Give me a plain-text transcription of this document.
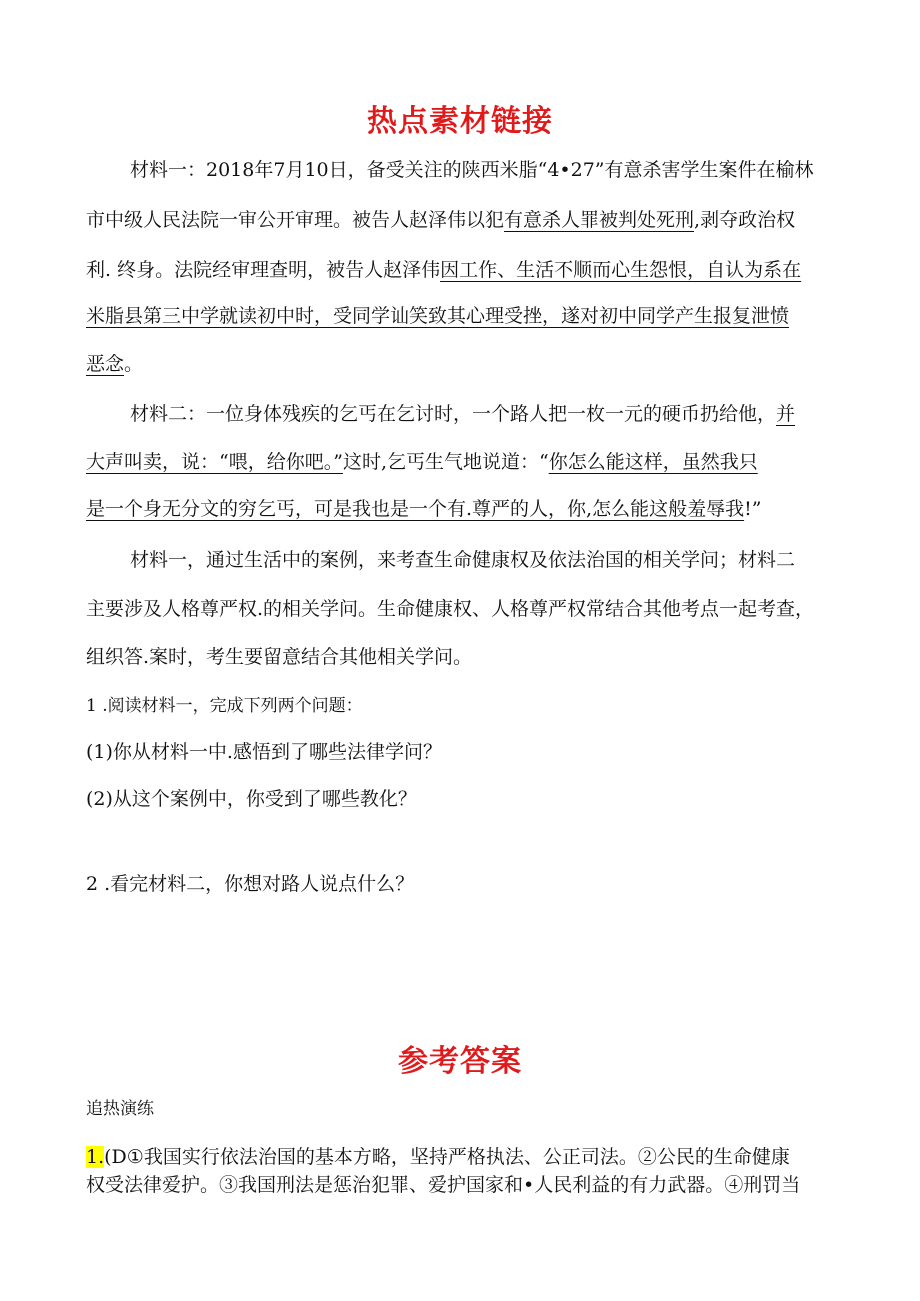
热点素材链接
材料一：2018年7月10日，备受关注的陕西米脂“4•27”有意杀害学生案件在榆林
市中级人民法院一审公开审理。被告人赵泽伟以犯有意杀人罪被判处死刑,剥夺政治权
利. 终身。法院经审理查明，被告人赵泽伟因工作、生活不顺而心生怨恨，自认为系在
米脂县第三中学就读初中时，受同学讪笑致其心理受挫，遂对初中同学产生报复泄愤
恶念。
材料二：一位身体残疾的乞丐在乞讨时，一个路人把一枚一元的硬币扔给他，并
大声叫卖，说：“喂，给你吧。”这时,乞丐生气地说道：“你怎么能这样，虽然我只
是一个身无分文的穷乞丐，可是我也是一个有.尊严的人，你,怎么能这般羞辱我!”
材料一，通过生活中的案例，来考查生命健康权及依法治国的相关学问；材料二
主要涉及人格尊严权.的相关学问。生命健康权、人格尊严权常结合其他考点一起考查，
组织答.案时，考生要留意结合其他相关学问。
1 .阅读材料一，完成下列两个问题：
(1)你从材料一中.感悟到了哪些法律学问？
(2)从这个案例中，你受到了哪些教化？
2 .看完材料二，你想对路人说点什么？
参考答案
追热演练
1.(D①我国实行依法治国的基本方略，坚持严格执法、公正司法。②公民的生命健康
权受法律爱护。③我国刑法是惩治犯罪、爱护国家和•人民利益的有力武器。④刑罚当
